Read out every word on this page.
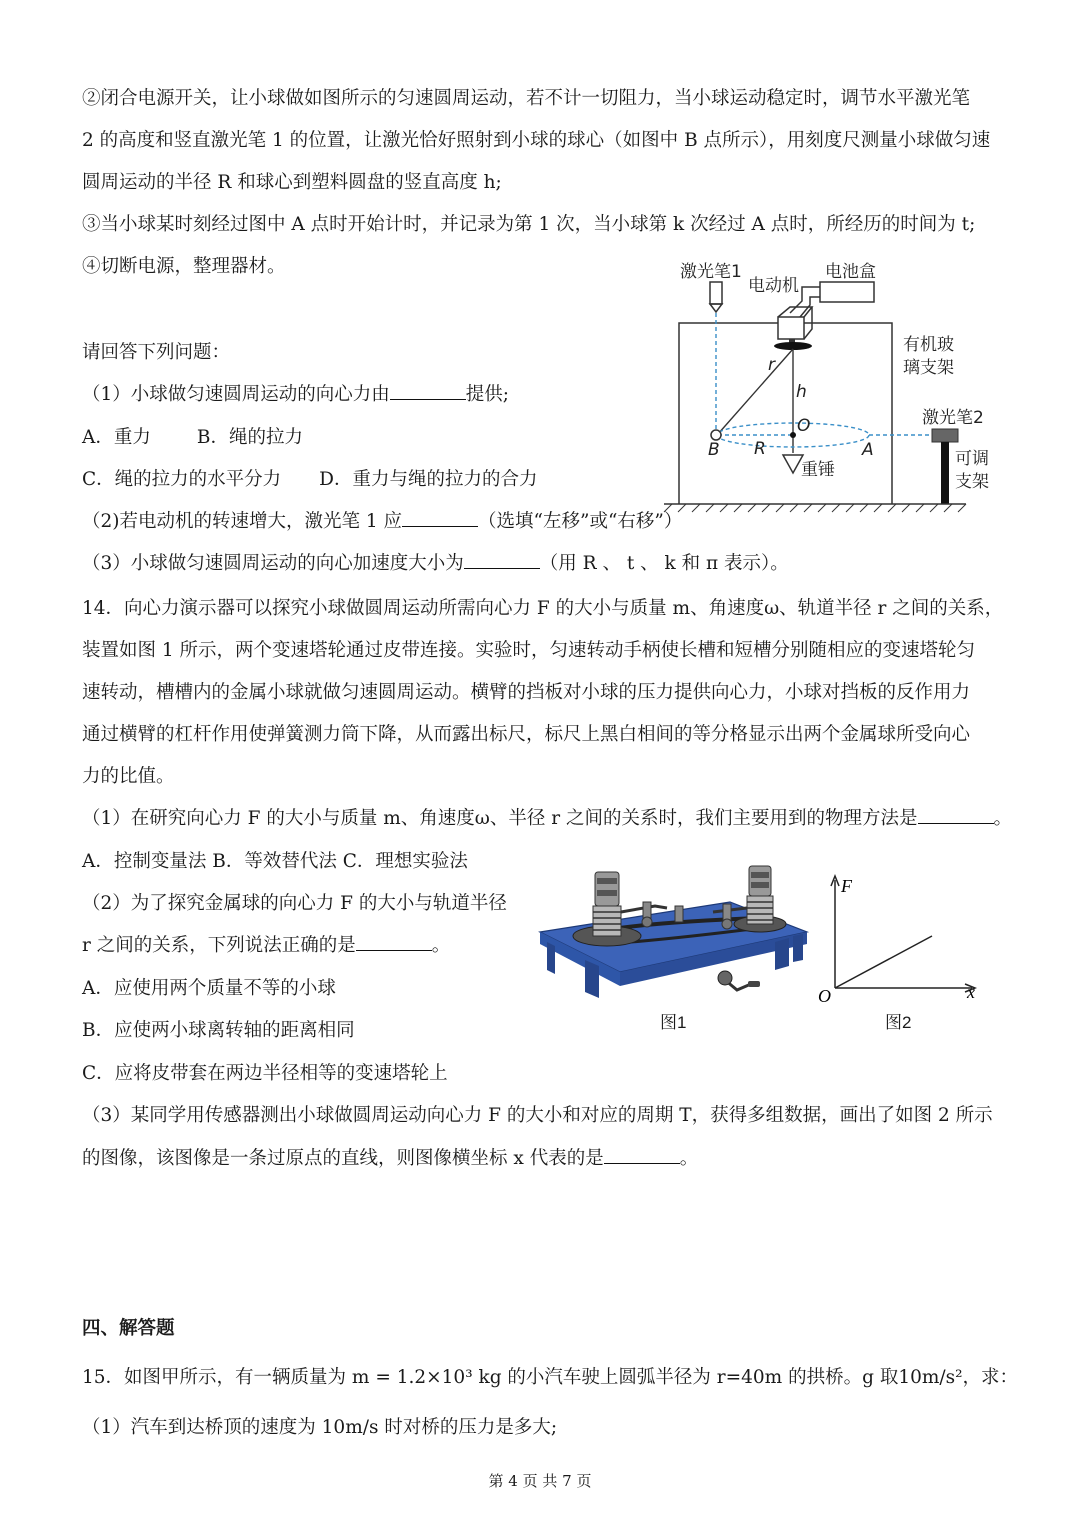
②闭合电源开关，让小球做如图所示的匀速圆周运动，若不计一切阻力，当小球运动稳定时，调节水平激光笔
2 的高度和竖直激光笔 1 的位置，让激光恰好照射到小球的球心（如图中 B 点所示），用刻度尺测量小球做匀速
圆周运动的半径 R 和球心到塑料圆盘的竖直高度 h;
③当小球某时刻经过图中 A 点时开始计时，并记录为第 1 次，当小球第 k 次经过 A 点时，所经历的时间为 t;
④切断电源，整理器材。
请回答下列问题：
（1）小球做匀速圆周运动的向心力由	提供;
A．重力 B．绳的拉力
C．绳的拉力的水平分力 D．重力与绳的拉力的合力
（2)若电动机的转速增大，激光笔 1 应	（选填“左移”或“右移”）
（3）小球做匀速圆周运动的向心加速度大小为	（用 R 、 t 、 k 和 π 表示）。
激光笔1
电动机
电池盒
有机玻
璃支架
r
h
O
B R	A
重锤
激光笔2
可调
支架
14．向心力演示器可以探究小球做圆周运动所需向心力 F 的大小与质量 m、角速度ω、轨道半径 r 之间的关系，
装置如图 1 所示，两个变速塔轮通过皮带连接。实验时，匀速转动手柄使长槽和短槽分别随相应的变速塔轮匀
速转动，槽槽内的金属小球就做匀速圆周运动。横臂的挡板对小球的压力提供向心力，小球对挡板的反作用力
通过横臂的杠杆作用使弹簧测力筒下降，从而露出标尺，标尺上黑白相间的等分格显示出两个金属球所受向心
力的比值。
（1）在研究向心力 F 的大小与质量 m、角速度ω、半径 r 之间的关系时，我们主要用到的物理方法是	。
A．控制变量法 B．等效替代法 C．理想实验法
（2）为了探究金属球的向心力 F 的大小与轨道半径
r 之间的关系，下列说法正确的是	。
A．应使用两个质量不等的小球
B．应使两小球离转轴的距离相同
C．应将皮带套在两边半径相等的变速塔轮上
（3）某同学用传感器测出小球做圆周运动向心力 F 的大小和对应的周期 T，获得多组数据，画出了如图 2 所示
的图像，该图像是一条过原点的直线，则图像横坐标 x 代表的是	。
图1
F
x
O
图2
四、解答题
15．如图甲所示，有一辆质量为 m = 1.2×10³ kg 的小汽车驶上圆弧半径为 r=40m 的拱桥。g 取10m/s²，求：
（1）汽车到达桥顶的速度为 10m/s 时对桥的压力是多大;
第 4 页 共 7 页
